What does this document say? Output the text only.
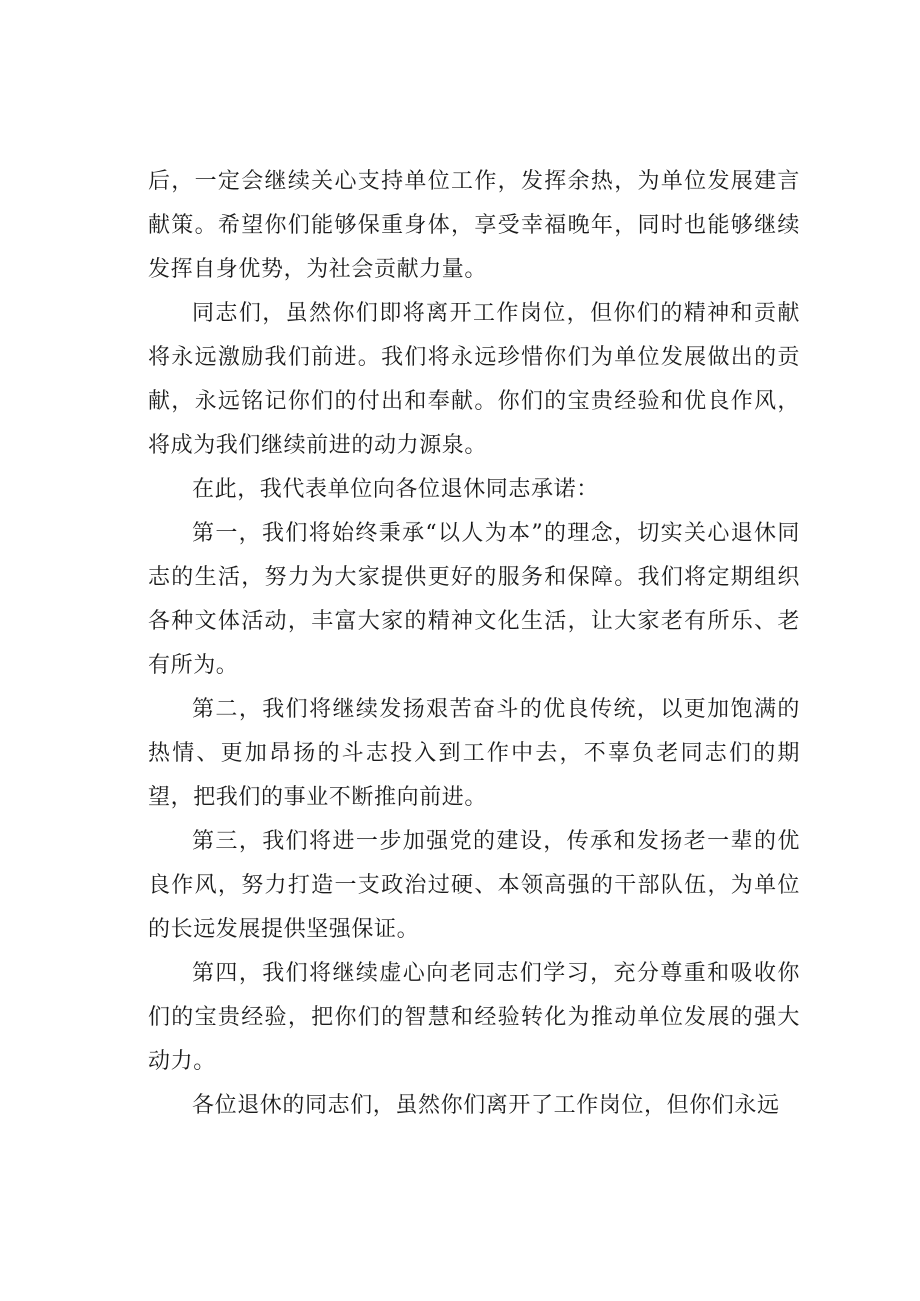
后，一定会继续关心支持单位工作，发挥余热，为单位发展建言献策。希望你们能够保重身体，享受幸福晚年，同时也能够继续发挥自身优势，为社会贡献力量。

同志们，虽然你们即将离开工作岗位，但你们的精神和贡献将永远激励我们前进。我们将永远珍惜你们为单位发展做出的贡献，永远铭记你们的付出和奉献。你们的宝贵经验和优良作风，将成为我们继续前进的动力源泉。

在此，我代表单位向各位退休同志承诺：

第一，我们将始终秉承“以人为本”的理念，切实关心退休同志的生活，努力为大家提供更好的服务和保障。我们将定期组织各种文体活动，丰富大家的精神文化生活，让大家老有所乐、老有所为。

第二，我们将继续发扬艰苦奋斗的优良传统，以更加饱满的热情、更加昂扬的斗志投入到工作中去，不辜负老同志们的期望，把我们的事业不断推向前进。

第三，我们将进一步加强党的建设，传承和发扬老一辈的优良作风，努力打造一支政治过硬、本领高强的干部队伍，为单位的长远发展提供坚强保证。

第四，我们将继续虚心向老同志们学习，充分尊重和吸收你们的宝贵经验，把你们的智慧和经验转化为推动单位发展的强大动力。

各位退休的同志们，虽然你们离开了工作岗位，但你们永远
